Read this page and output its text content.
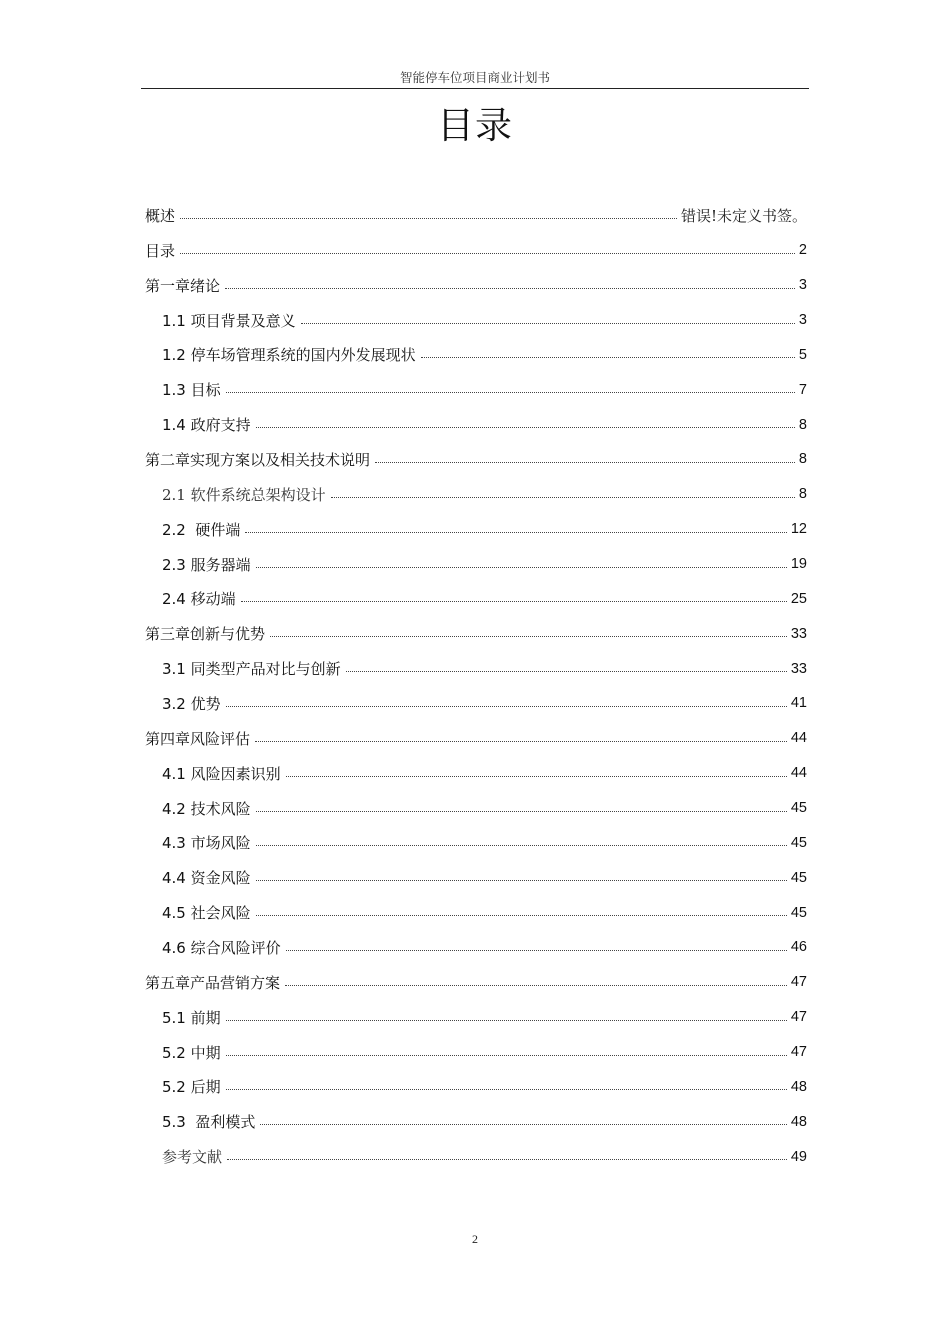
智能停车位项目商业计划书
目录
概述	错误!未定义书签。
目录	2
第一章绪论	3
1.1 项目背景及意义	3
1.2 停车场管理系统的国内外发展现状	5
1.3 目标	7
1.4 政府支持	8
第二章实现方案以及相关技术说明	8
2.1 软件系统总架构设计	8
2.2  硬件端	12
2.3 服务器端	19
2.4 移动端	25
第三章创新与优势	33
3.1 同类型产品对比与创新	33
3.2 优势	41
第四章风险评估	44
4.1 风险因素识别	44
4.2 技术风险	45
4.3 市场风险	45
4.4 资金风险	45
4.5 社会风险	45
4.6 综合风险评价	46
第五章产品营销方案	47
5.1 前期	47
5.2 中期	47
5.2 后期	48
5.3  盈利模式	48
参考文献	49
2
